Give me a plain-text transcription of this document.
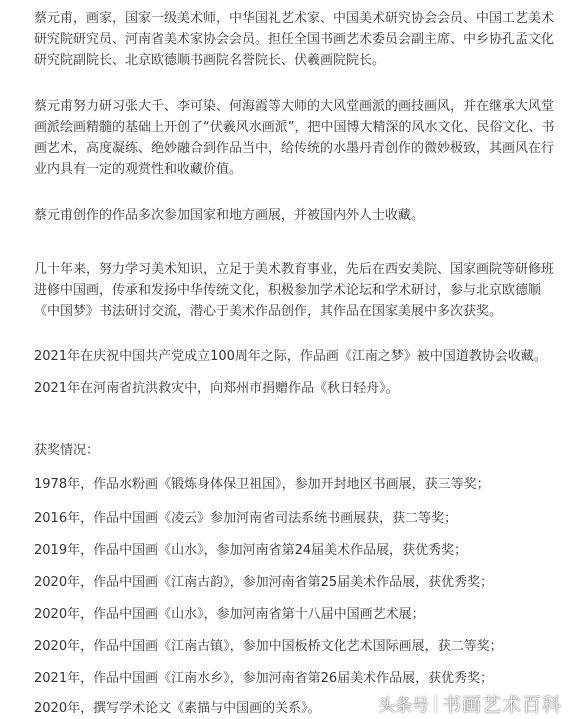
蔡元甫，画家，国家一级美术师，中华国礼艺术家、中国美术研究协会会员、中国工艺美术研究院研究员、河南省美术家协会会员。担任全国书画艺术委员会副主席、中乡协孔孟文化研究院副院长、北京欧德顺书画院名誉院长、伏羲画院院长。

蔡元甫努力研习张大千、李可染、何海霞等大师的大风堂画派的画技画风，并在继承大风堂画派绘画精髓的基础上开创了“伏羲风水画派”，把中国博大精深的风水文化、民俗文化、书画艺术，高度凝练、绝妙融合到作品当中，给传统的水墨丹青创作的微妙极致，其画风在行业内具有一定的观赏性和收藏价值。

蔡元甫创作的作品多次参加国家和地方画展，并被国内外人士收藏。

几十年来，努力学习美术知识，立足于美术教育事业，先后在西安美院、国家画院等研修班进修中国画，传承和发扬中华传统文化，积极参加学术论坛和学术研讨，参与北京欧德顺《中国梦》书法研讨交流，潜心于美术作品创作，其作品在国家美展中多次获奖。

2021年在庆祝中国共产党成立100周年之际，作品画《江南之梦》被中国道教协会收藏。

2021年在河南省抗洪救灾中，向郑州市捐赠作品《秋日轻舟》。

获奖情况：

1978年，作品水粉画《锻炼身体保卫祖国》，参加开封地区书画展，获三等奖；

2016年，作品中国画《凌云》参加河南省司法系统书画展获，获二等奖；

2019年，作品中国画《山水》，参加河南省第24届美术作品展，获优秀奖；

2020年，作品中国画《江南古韵》，参加河南省第25届美术作品展，获优秀奖；

2020年，作品中国画《山水》，参加河南省第十八届中国画艺术展；

2020年，作品中国画《江南古镇》，参加中国板桥文化艺术国际画展，获二等奖；

2021年，作品中国画《江南水乡》，参加河南省第26届美术作品展，获优秀奖；

2020年，撰写学术论文《素描与中国画的关系》。	头条号 书画艺术百科
